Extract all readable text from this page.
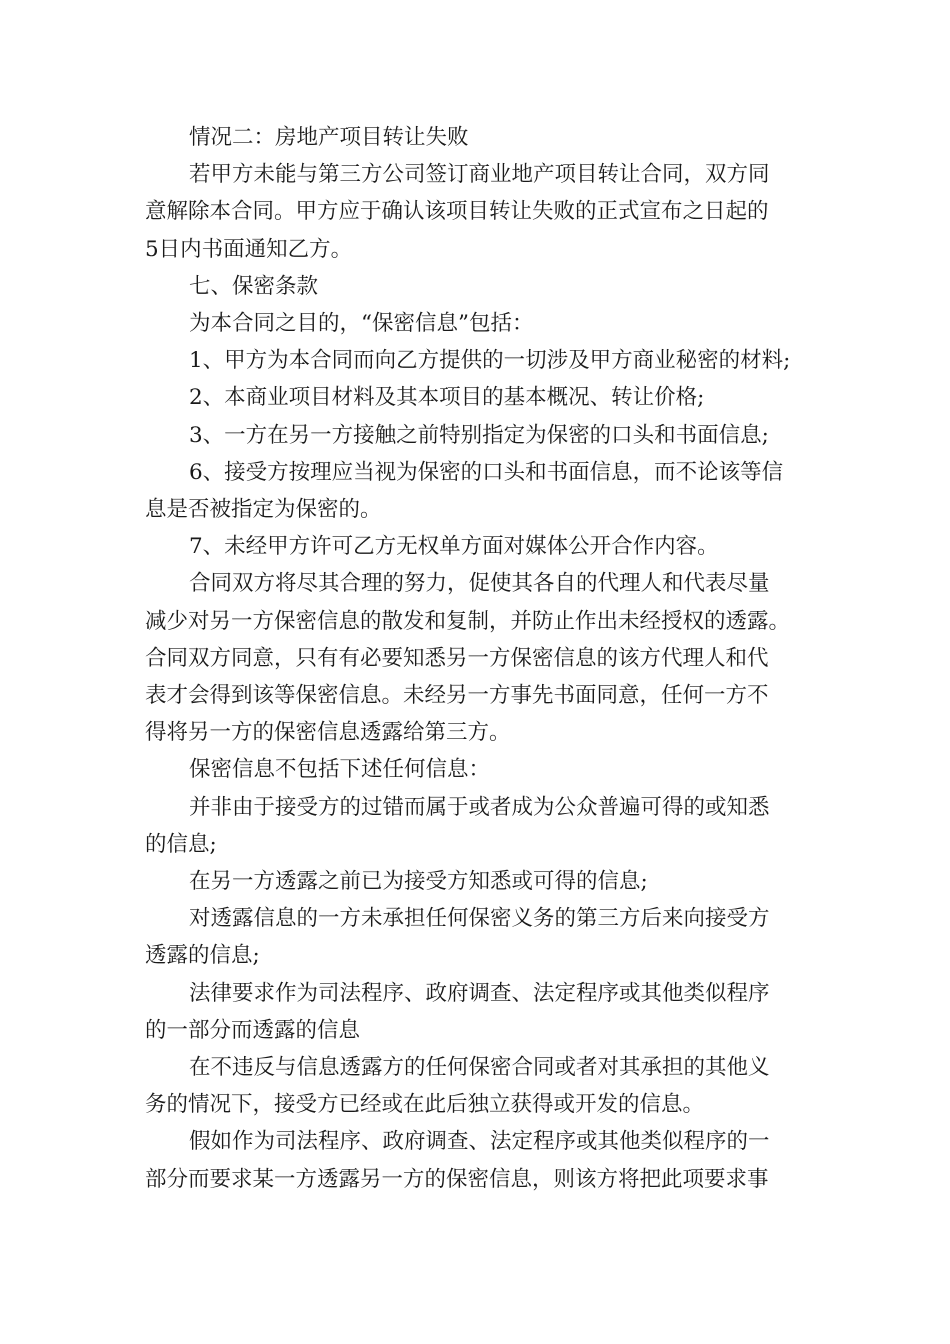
情况二：房地产项目转让失败
若甲方未能与第三方公司签订商业地产项目转让合同，双方同
意解除本合同。甲方应于确认该项目转让失败的正式宣布之日起的
5日内书面通知乙方。
七、保密条款
为本合同之目的，“保密信息”包括：
1、甲方为本合同而向乙方提供的一切涉及甲方商业秘密的材料;
2、本商业项目材料及其本项目的基本概况、转让价格;
3、一方在另一方接触之前特别指定为保密的口头和书面信息;
6、接受方按理应当视为保密的口头和书面信息，而不论该等信
息是否被指定为保密的。
7、未经甲方许可乙方无权单方面对媒体公开合作内容。
合同双方将尽其合理的努力，促使其各自的代理人和代表尽量
减少对另一方保密信息的散发和复制，并防止作出未经授权的透露。
合同双方同意，只有有必要知悉另一方保密信息的该方代理人和代
表才会得到该等保密信息。未经另一方事先书面同意，任何一方不
得将另一方的保密信息透露给第三方。
保密信息不包括下述任何信息：
并非由于接受方的过错而属于或者成为公众普遍可得的或知悉
的信息;
在另一方透露之前已为接受方知悉或可得的信息;
对透露信息的一方未承担任何保密义务的第三方后来向接受方
透露的信息;
法律要求作为司法程序、政府调查、法定程序或其他类似程序
的一部分而透露的信息
在不违反与信息透露方的任何保密合同或者对其承担的其他义
务的情况下，接受方已经或在此后独立获得或开发的信息。
假如作为司法程序、政府调查、法定程序或其他类似程序的一
部分而要求某一方透露另一方的保密信息，则该方将把此项要求事
